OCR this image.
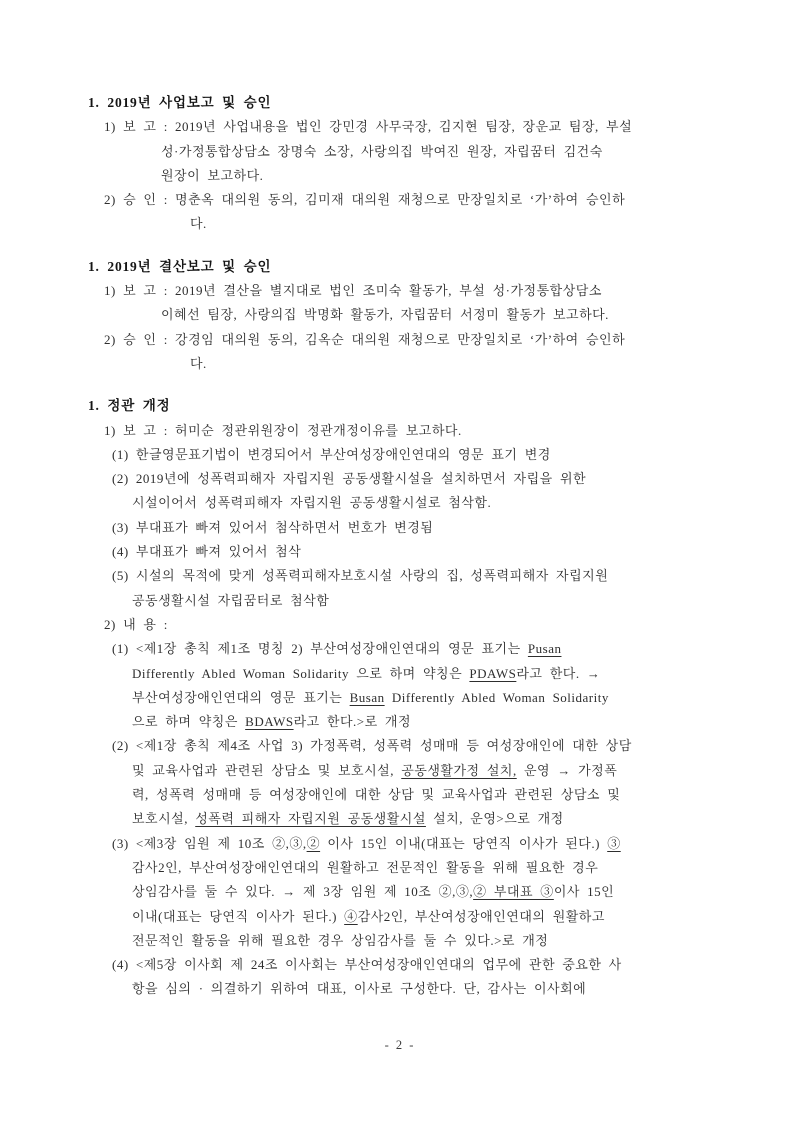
1. 2019년 사업보고 및 승인
1) 보 고 : 2019년 사업내용을 법인 강민경 사무국장, 김지현 팀장, 장운교 팀장, 부설
성·가정통합상담소 장명숙 소장, 사랑의집 박여진 원장, 자립꿈터 김건숙
원장이 보고하다.
2) 승 인 : 명춘옥 대의원 동의, 김미재 대의원 재청으로 만장일치로 ‘가’하여 승인하
다.
1. 2019년 결산보고 및 승인
1) 보 고 : 2019년 결산을 별지대로 법인 조미숙 활동가, 부설 성·가정통합상담소
이혜선 팀장, 사랑의집 박명화 활동가, 자립꿈터 서정미 활동가 보고하다.
2) 승 인 : 강경임 대의원 동의, 김옥순 대의원 재청으로 만장일치로 ‘가’하여 승인하
다.
1. 정관 개정
1) 보 고 : 허미순 정관위원장이 정관개정이유를 보고하다.
(1) 한글영문표기법이 변경되어서 부산여성장애인연대의 영문 표기 변경
(2) 2019년에 성폭력피해자 자립지원 공동생활시설을 설치하면서 자립을 위한
시설이어서 성폭력피해자 자립지원 공동생활시설로 첨삭함.
(3) 부대표가 빠져 있어서 첨삭하면서 번호가 변경됨
(4) 부대표가 빠져 있어서 첨삭
(5) 시설의 목적에 맞게 성폭력피해자보호시설 사랑의 집, 성폭력피해자 자립지원
공동생활시설 자립꿈터로 첨삭함
2) 내 용 :
(1) <제1장 총칙 제1조 명칭 2) 부산여성장애인연대의 영문 표기는 Pusan
Differently Abled Woman Solidarity 으로 하며 약칭은 PDAWS라고 한다. →
부산여성장애인연대의 영문 표기는 Busan Differently Abled Woman Solidarity
으로 하며 약칭은 BDAWS라고 한다.>로 개정
(2) <제1장 총칙 제4조 사업 3) 가정폭력, 성폭력 성매매 등 여성장애인에 대한 상담
및 교육사업과 관련된 상담소 및 보호시설, 공동생활가정 설치, 운영 → 가정폭
력, 성폭력 성매매 등 여성장애인에 대한 상담 및 교육사업과 관련된 상담소 및
보호시설, 성폭력 피해자 자립지원 공동생활시설 설치, 운영>으로 개정
(3) <제3장 임원 제 10조 ②,③,② 이사 15인 이내(대표는 당연직 이사가 된다.) ③
감사2인, 부산여성장애인연대의 원활하고 전문적인 활동을 위해 필요한 경우
상임감사를 둘 수 있다. → 제 3장 임원 제 10조 ②,③,② 부대표 ③이사 15인
이내(대표는 당연직 이사가 된다.) ④감사2인, 부산여성장애인연대의 원활하고
전문적인 활동을 위해 필요한 경우 상임감사를 둘 수 있다.>로 개정
(4) <제5장 이사회 제 24조 이사회는 부산여성장애인연대의 업무에 관한 중요한 사
항을 심의 · 의결하기 위하여 대표, 이사로 구성한다. 단, 감사는 이사회에
- 2 -
